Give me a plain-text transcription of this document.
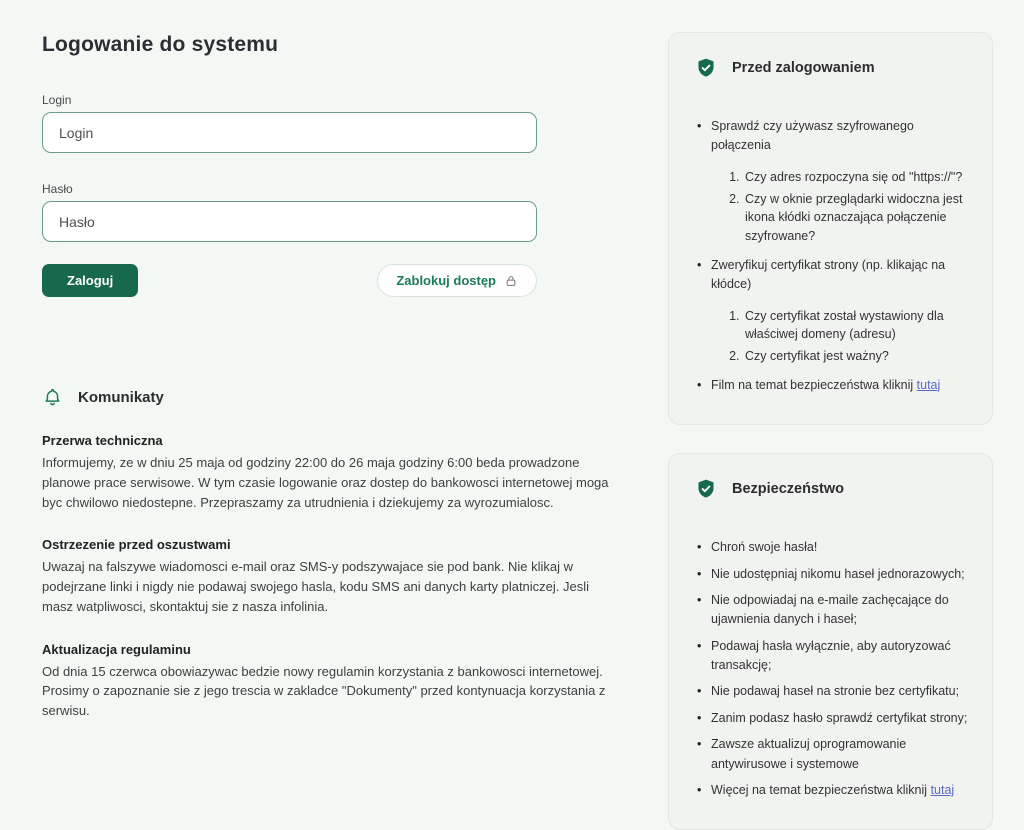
Logowanie do systemu
Login
Login
Hasło
Hasło
Zaloguj	Zablokuj dostęp
Komunikaty
Przerwa techniczna

Informujemy, ze w dniu 25 maja od godziny 22:00 do 26 maja godziny 6:00 beda prowadzone planowe prace serwisowe. W tym czasie logowanie oraz dostep do bankowosci internetowej moga byc chwilowo niedostepne. Przepraszamy za utrudnienia i dziekujemy za wyrozumialosc.

Ostrzezenie przed oszustwami

Uwazaj na falszywe wiadomosci e-mail oraz SMS-y podszywajace sie pod bank. Nie klikaj w podejrzane linki i nigdy nie podawaj swojego hasla, kodu SMS ani danych karty platniczej. Jesli masz watpliwosci, skontaktuj sie z nasza infolinia.

Aktualizacja regulaminu

Od dnia 15 czerwca obowiazywac bedzie nowy regulamin korzystania z bankowosci internetowej. Prosimy o zapoznanie sie z jego trescia w zakladce "Dokumenty" przed kontynuacja korzystania z serwisu.

Przed zalogowaniem
• Sprawdź czy używasz szyfrowanego połączenia
1. Czy adres rozpoczyna się od "https://"?
2. Czy w oknie przeglądarki widoczna jest ikona kłódki oznaczająca połączenie szyfrowane?
• Zweryfikuj certyfikat strony (np. klikając na kłódce)
1. Czy certyfikat został wystawiony dla właściwej domeny (adresu)
2. Czy certyfikat jest ważny?
• Film na temat bezpieczeństwa kliknij tutaj
Bezpieczeństwo
• Chroń swoje hasła!
• Nie udostępniaj nikomu haseł jednorazowych;
• Nie odpowiadaj na e-maile zachęcające do ujawnienia danych i haseł;
• Podawaj hasła wyłącznie, aby autoryzować transakcję;
• Nie podawaj haseł na stronie bez certyfikatu;
• Zanim podasz hasło sprawdź certyfikat strony;
• Zawsze aktualizuj oprogramowanie antywirusowe i systemowe
• Więcej na temat bezpieczeństwa kliknij tutaj
